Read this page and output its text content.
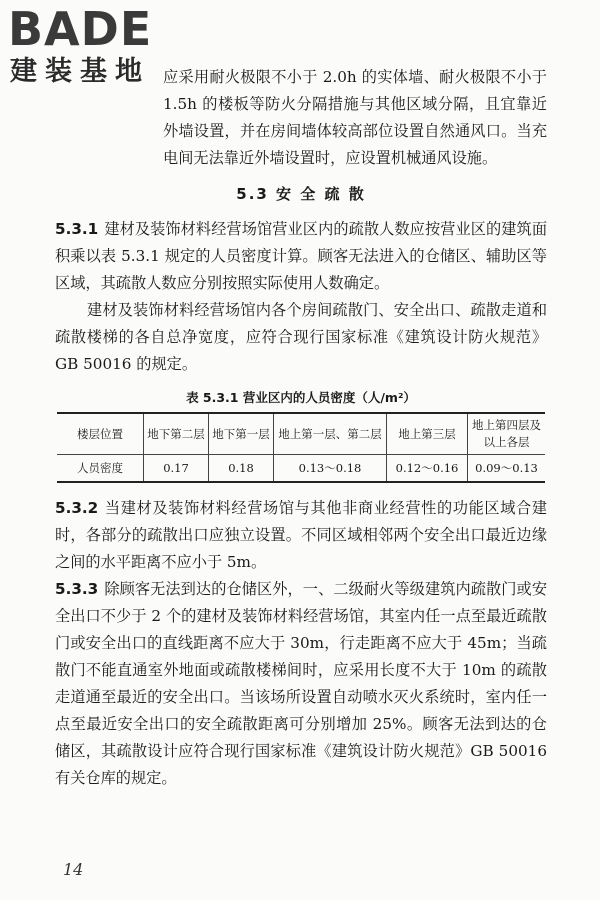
BADE
建装基地 应采用耐火极限不小于 2.0h 的实体墙、耐火极限不小于 1.5h 的楼板等防火分隔措施与其他区域分隔，且宜靠近外墙设置，并在房间墙体较高部位设置自然通风口。当充电间无法靠近外墙设置时，应设置机械通风设施。

5.3 安 全 疏 散

5.3.1 建材及装饰材料经营场馆营业区内的疏散人数应按营业区的建筑面积乘以表 5.3.1 规定的人员密度计算。顾客无法进入的仓储区、辅助区等区域，其疏散人数应分别按照实际使用人数确定。

建材及装饰材料经营场馆内各个房间疏散门、安全出口、疏散走道和疏散楼梯的各自总净宽度，应符合现行国家标准《建筑设计防火规范》GB 50016 的规定。

表 5.3.1 营业区内的人员密度（人/m²）
楼层位置	地下第二层	地下第一层	地上第一层、第二层	地上第三层	地上第四层及以上各层
人员密度	0.17	0.18	0.13～0.18	0.12～0.16	0.09～0.13

5.3.2 当建材及装饰材料经营场馆与其他非商业经营性的功能区域合建时，各部分的疏散出口应独立设置。不同区域相邻两个安全出口最近边缘之间的水平距离不应小于 5m。

5.3.3 除顾客无法到达的仓储区外，一、二级耐火等级建筑内疏散门或安全出口不少于 2 个的建材及装饰材料经营场馆，其室内任一点至最近疏散门或安全出口的直线距离不应大于 30m，行走距离不应大于 45m；当疏散门不能直通室外地面或疏散楼梯间时，应采用长度不大于 10m 的疏散走道通至最近的安全出口。当该场所设置自动喷水灭火系统时，室内任一点至最近安全出口的安全疏散距离可分别增加 25%。顾客无法到达的仓储区，其疏散设计应符合现行国家标准《建筑设计防火规范》GB 50016 有关仓库的规定。

14
